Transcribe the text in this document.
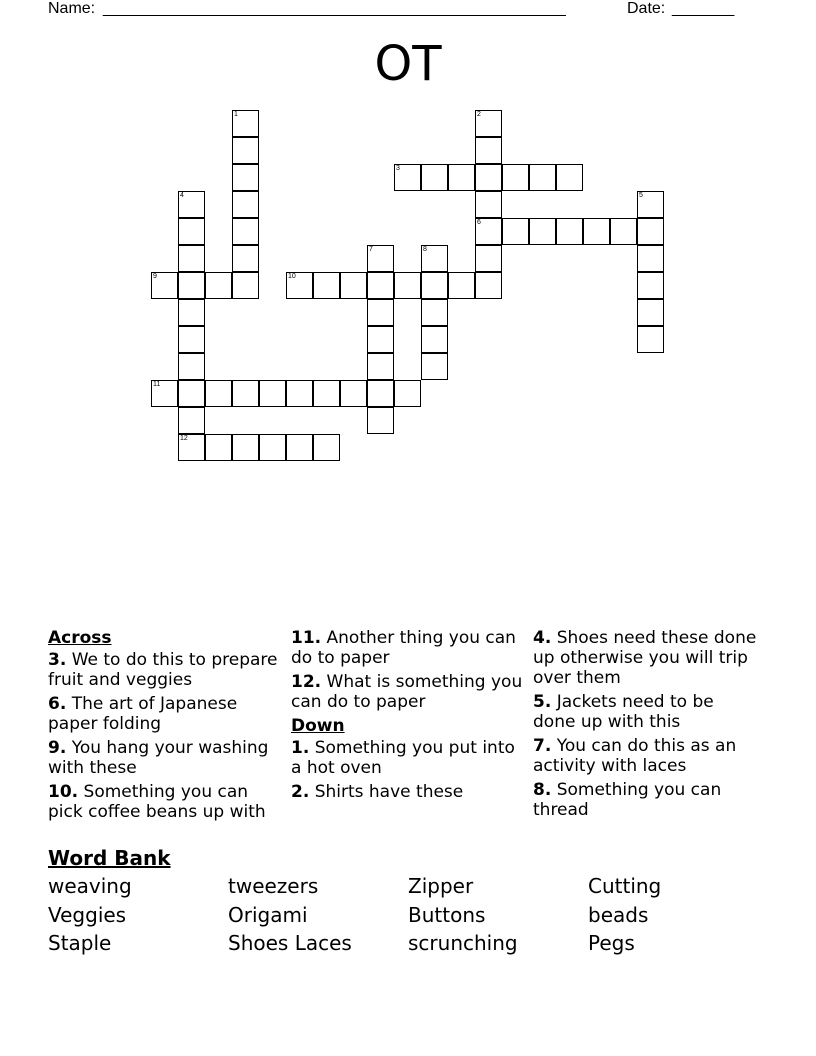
Name: ____________________________________________________	Date: _______
OT
1	2
3
4	5
6
7	8
9	10
11
12
Across
3. We to do this to prepare fruit and veggies
6. The art of Japanese paper folding
9. You hang your washing with these
10. Something you can pick coffee beans up with
11. Another thing you can do to paper
12. What is something you can do to paper
Down
1. Something you put into a hot oven
2. Shirts have these
4. Shoes need these done up otherwise you will trip over them
5. Jackets need to be done up with this
7. You can do this as an activity with laces
8. Something you can thread
Word Bank
weaving	tweezers	Zipper	Cutting
Veggies	Origami	Buttons	beads
Staple	Shoes Laces	scrunching	Pegs
